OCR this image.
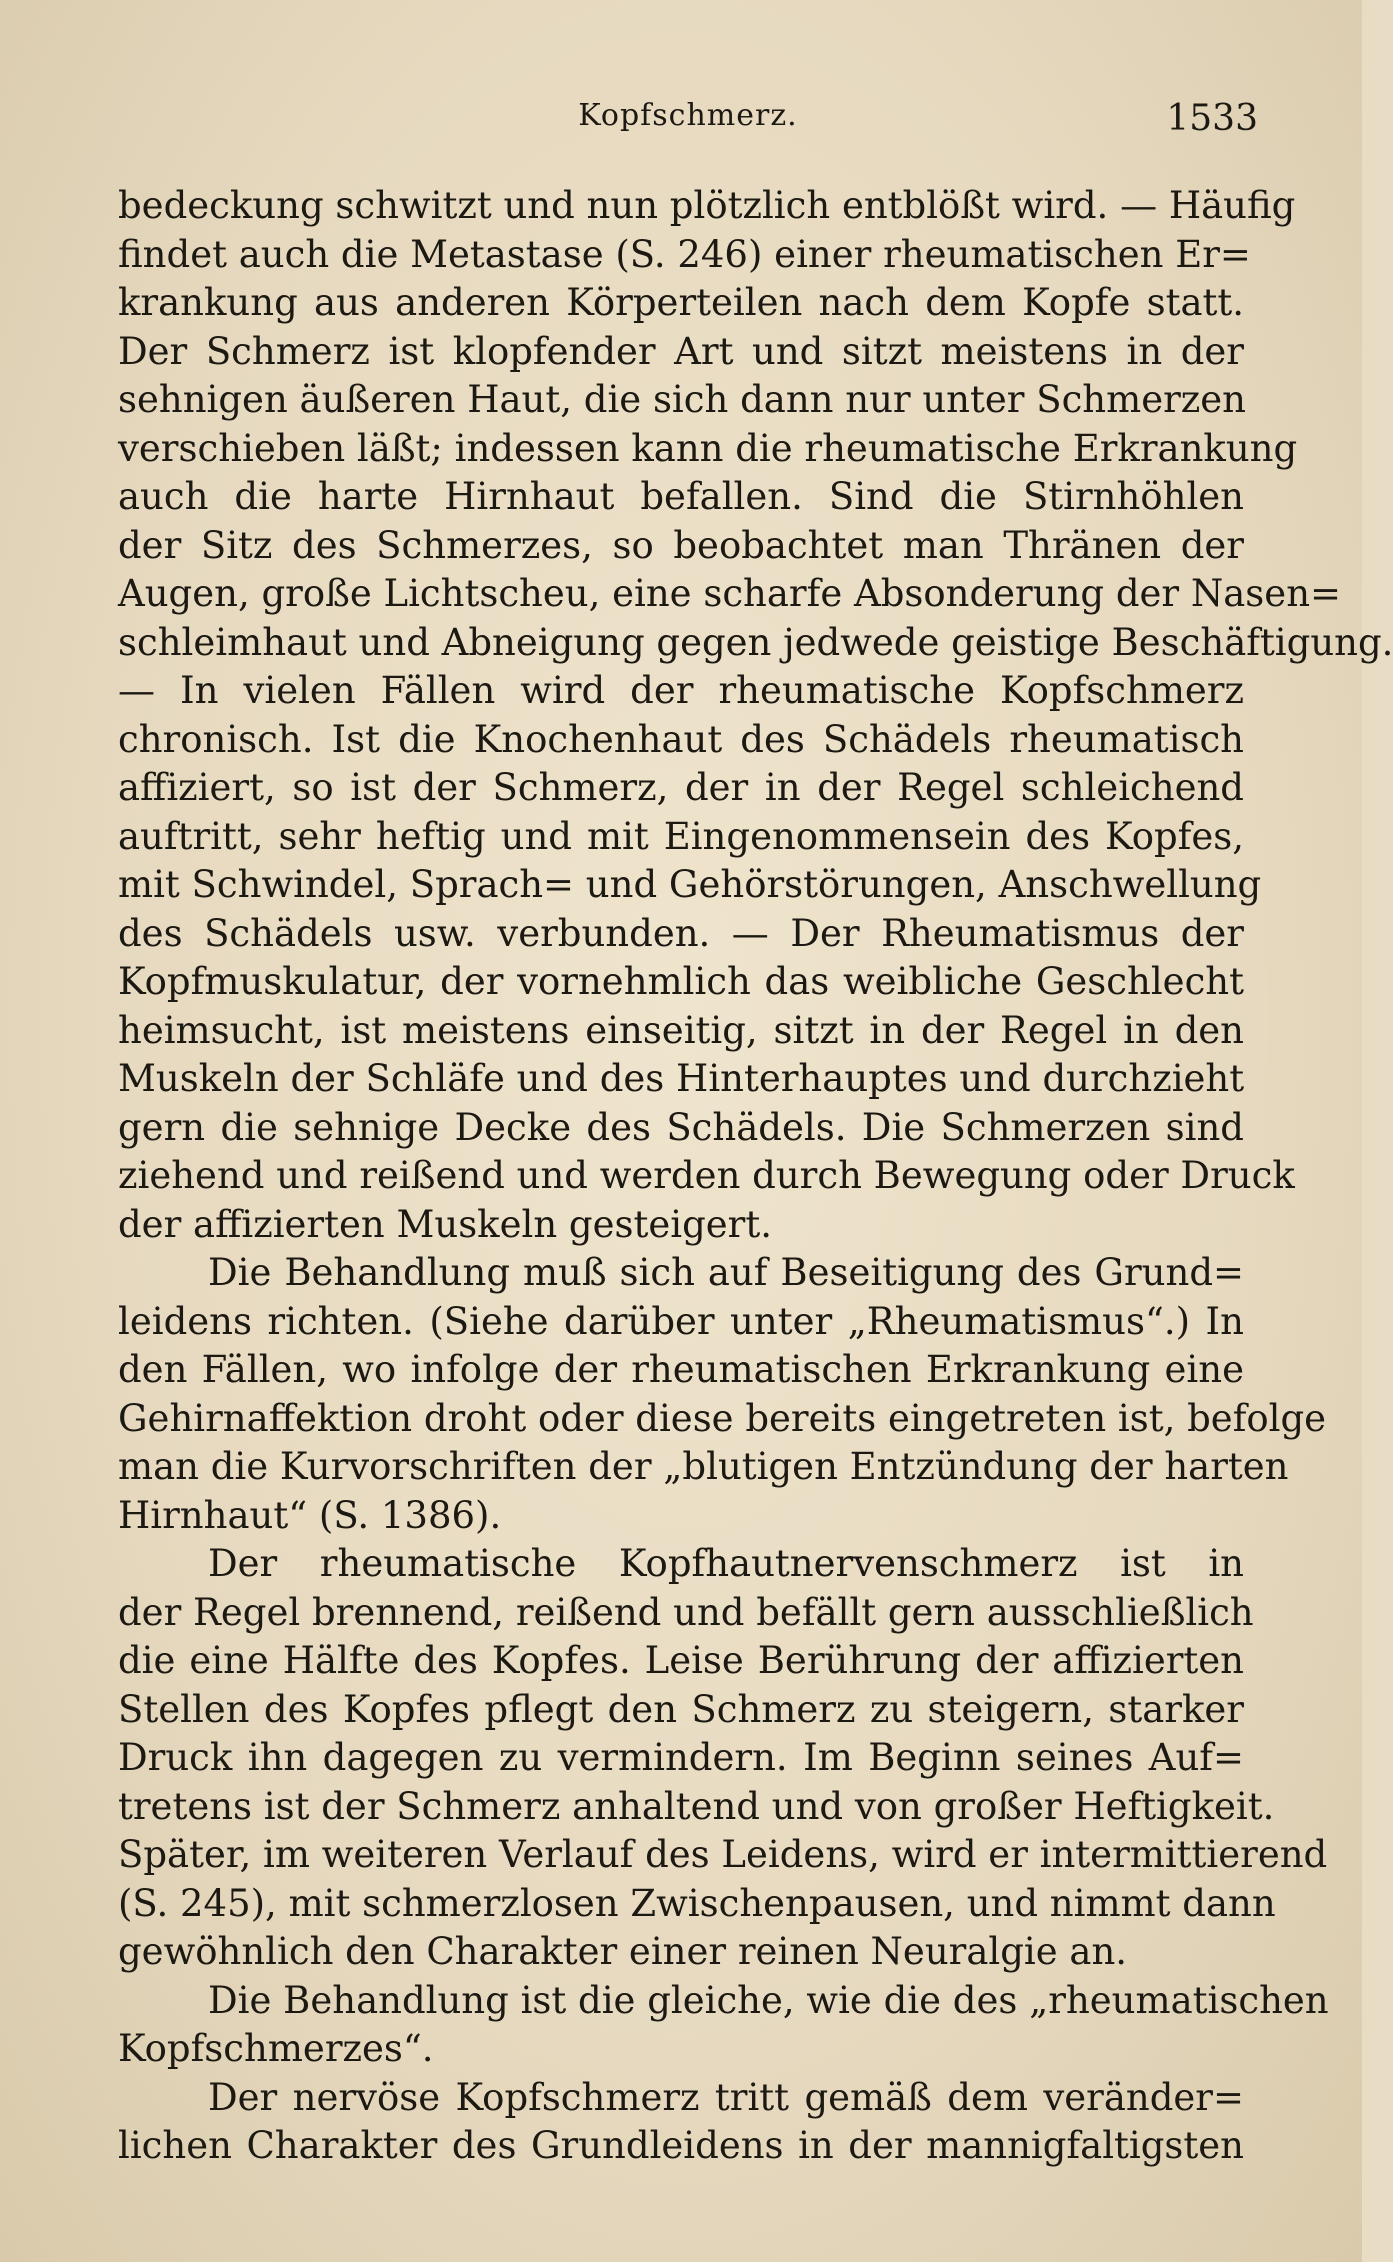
Kopfschmerz.	1533
bedeckung schwitzt und nun plötzlich entblößt wird. — Häufig
findet auch die Metastase (S. 246) einer rheumatischen Er=
krankung aus anderen Körperteilen nach dem Kopfe statt.
Der Schmerz ist klopfender Art und sitzt meistens in der
sehnigen äußeren Haut, die sich dann nur unter Schmerzen
verschieben läßt; indessen kann die rheumatische Erkrankung
auch die harte Hirnhaut befallen. Sind die Stirnhöhlen
der Sitz des Schmerzes, so beobachtet man Thränen der
Augen, große Lichtscheu, eine scharfe Absonderung der Nasen=
schleimhaut und Abneigung gegen jedwede geistige Beschäftigung.
— In vielen Fällen wird der rheumatische Kopfschmerz
chronisch. Ist die Knochenhaut des Schädels rheumatisch
affiziert, so ist der Schmerz, der in der Regel schleichend
auftritt, sehr heftig und mit Eingenommensein des Kopfes,
mit Schwindel, Sprach= und Gehörstörungen, Anschwellung
des Schädels usw. verbunden. — Der Rheumatismus der
Kopfmuskulatur, der vornehmlich das weibliche Geschlecht
heimsucht, ist meistens einseitig, sitzt in der Regel in den
Muskeln der Schläfe und des Hinterhauptes und durchzieht
gern die sehnige Decke des Schädels. Die Schmerzen sind
ziehend und reißend und werden durch Bewegung oder Druck
der affizierten Muskeln gesteigert.
Die Behandlung muß sich auf Beseitigung des Grund=
leidens richten. (Siehe darüber unter „Rheumatismus“.) In
den Fällen, wo infolge der rheumatischen Erkrankung eine
Gehirnaffektion droht oder diese bereits eingetreten ist, befolge
man die Kurvorschriften der „blutigen Entzündung der harten
Hirnhaut“ (S. 1386).
Der rheumatische Kopfhautnervenschmerz ist in
der Regel brennend, reißend und befällt gern ausschließlich
die eine Hälfte des Kopfes. Leise Berührung der affizierten
Stellen des Kopfes pflegt den Schmerz zu steigern, starker
Druck ihn dagegen zu vermindern. Im Beginn seines Auf=
tretens ist der Schmerz anhaltend und von großer Heftigkeit.
Später, im weiteren Verlauf des Leidens, wird er intermittierend
(S. 245), mit schmerzlosen Zwischenpausen, und nimmt dann
gewöhnlich den Charakter einer reinen Neuralgie an.
Die Behandlung ist die gleiche, wie die des „rheumatischen
Kopfschmerzes“.
Der nervöse Kopfschmerz tritt gemäß dem veränder=
lichen Charakter des Grundleidens in der mannigfaltigsten
